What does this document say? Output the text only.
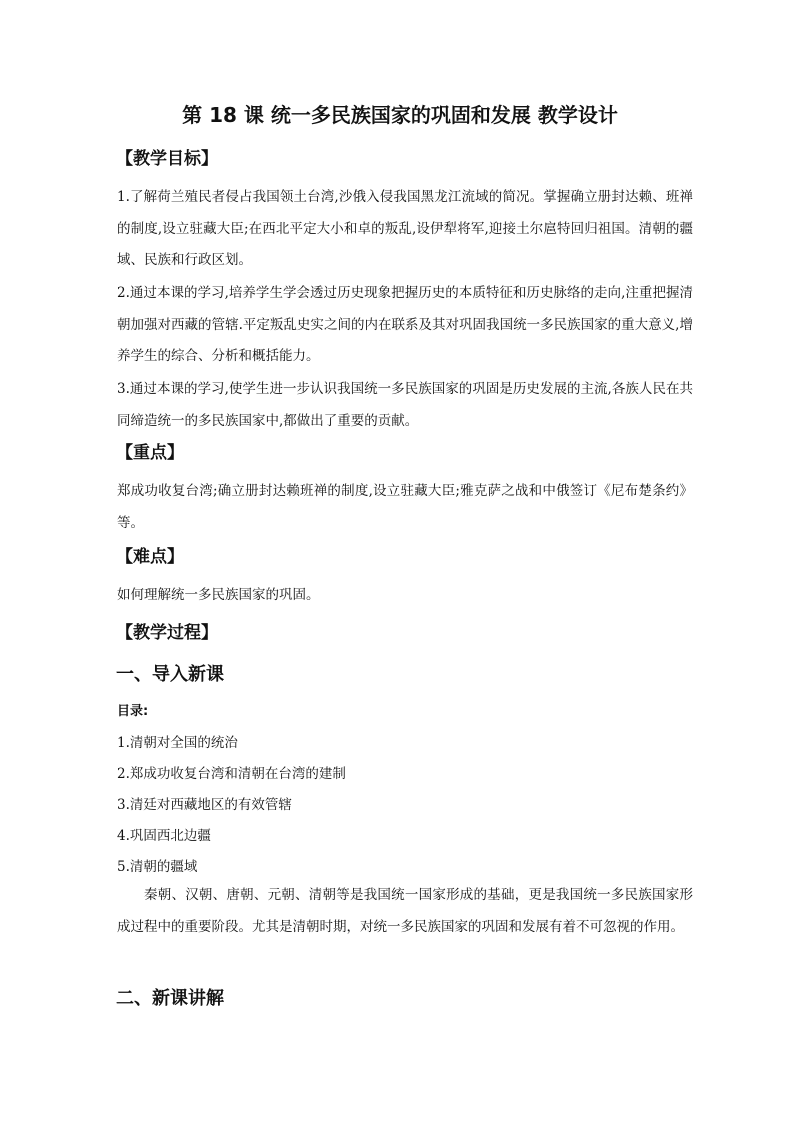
第 18 课 统一多民族国家的巩固和发展 教学设计
【教学目标】

1.了解荷兰殖民者侵占我国领土台湾,沙俄入侵我国黑龙江流域的简况。掌握确立册封达赖、班禅的制度,设立驻藏大臣;在西北平定大小和卓的叛乱,设伊犁将军,迎接土尔扈特回归祖国。清朝的疆域、民族和行政区划。

2.通过本课的学习,培养学生学会透过历史现象把握历史的本质特征和历史脉络的走向,注重把握清朝加强对西藏的管辖.平定叛乱史实之间的内在联系及其对巩固我国统一多民族国家的重大意义,增养学生的综合、分析和概括能力。

3.通过本课的学习,使学生进一步认识我国统一多民族国家的巩固是历史发展的主流,各族人民在共同缔造统一的多民族国家中,都做出了重要的贡献。

【重点】

郑成功收复台湾;确立册封达赖班禅的制度,设立驻藏大臣;雅克萨之战和中俄签订《尼布楚条约》等。

【难点】

如何理解统一多民族国家的巩固。

【教学过程】
一、导入新课

目录:

1.清朝对全国的统治

2.郑成功收复台湾和清朝在台湾的建制

3.清廷对西藏地区的有效管辖

4.巩固西北边疆

5.清朝的疆域

秦朝、汉朝、唐朝、元朝、清朝等是我国统一国家形成的基础，更是我国统一多民族国家形成过程中的重要阶段。尤其是清朝时期，对统一多民族国家的巩固和发展有着不可忽视的作用。

二、新课讲解
